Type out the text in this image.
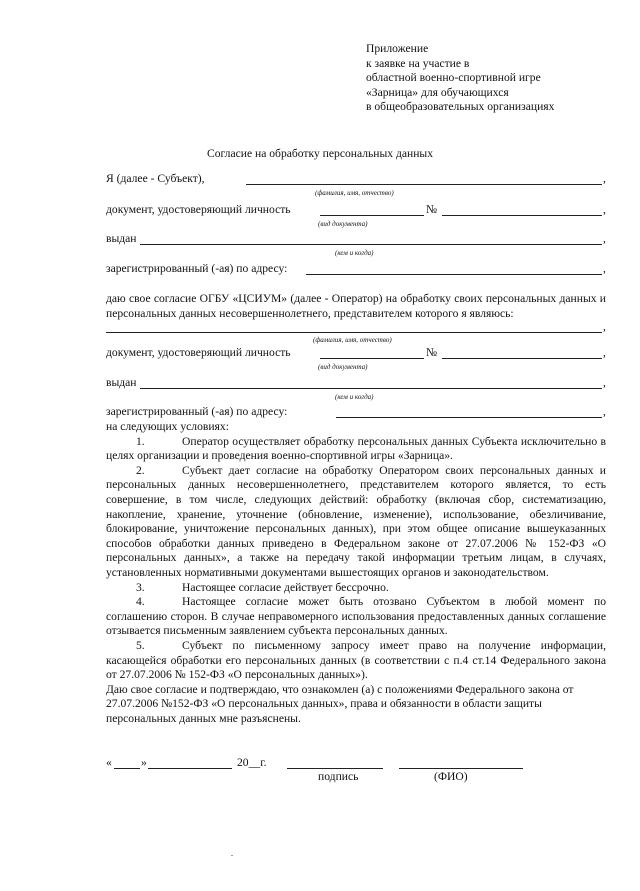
Приложение
к заявке на участие в
областной военно-спортивной игре
«Зарница» для обучающихся
в общеобразовательных организациях
Согласие на обработку персональных данных
Я (далее - Субъект),	,
(фамилия, имя, отчество)
документ, удостоверяющий личность	№	,
(вид документа)
выдан	,
(кем и когда)
зарегистрированный (-ая) по адресу:	,

даю свое согласие ОГБУ «ЦСИУМ» (далее - Оператор) на обработку своих персональных данных и персональных данных несовершеннолетнего, представителем которого я являюсь:

,
(фамилия, имя, отчество)
документ, удостоверяющий личность	№	,
(вид документа)
выдан	,
(кем и когда)
зарегистрированный (-ая) по адресу:	,

на следующих условиях:

1.	Оператор осуществляет обработку персональных данных Субъекта исключительно в целях организации и проведения военно-спортивной игры «Зарница».

2.	Субъект дает согласие на обработку Оператором своих персональных данных и персональных данных несовершеннолетнего, представителем которого является, то есть совершение, в том числе, следующих действий: обработку (включая сбор, систематизацию, накопление, хранение, уточнение (обновление, изменение), использование, обезличивание, блокирование, уничтожение персональных данных), при этом общее описание вышеуказанных способов обработки данных приведено в Федеральном законе от 27.07.2006 № 152-ФЗ «О персональных данных», а также на передачу такой информации третьим лицам, в случаях, установленных нормативными документами вышестоящих органов и законодательством.

3.	Настоящее согласие действует бессрочно.

4.	Настоящее согласие может быть отозвано Субъектом в любой момент по соглашению сторон. В случае неправомерного использования предоставленных данных соглашение отзывается письменным заявлением субъекта персональных данных.

5.	Субъект по письменному запросу имеет право на получение информации, касающейся обработки его персональных данных (в соответствии с п.4 ст.14 Федерального закона от 27.07.2006 № 152-ФЗ «О персональных данных»).

Даю свое согласие и подтверждаю, что ознакомлен (а) с положениями Федерального закона от 27.07.2006 №152-ФЗ «О персональных данных», права и обязанности в области защиты персональных данных мне разъяснены.

«	»	20__г.
подпись	(ФИО)
